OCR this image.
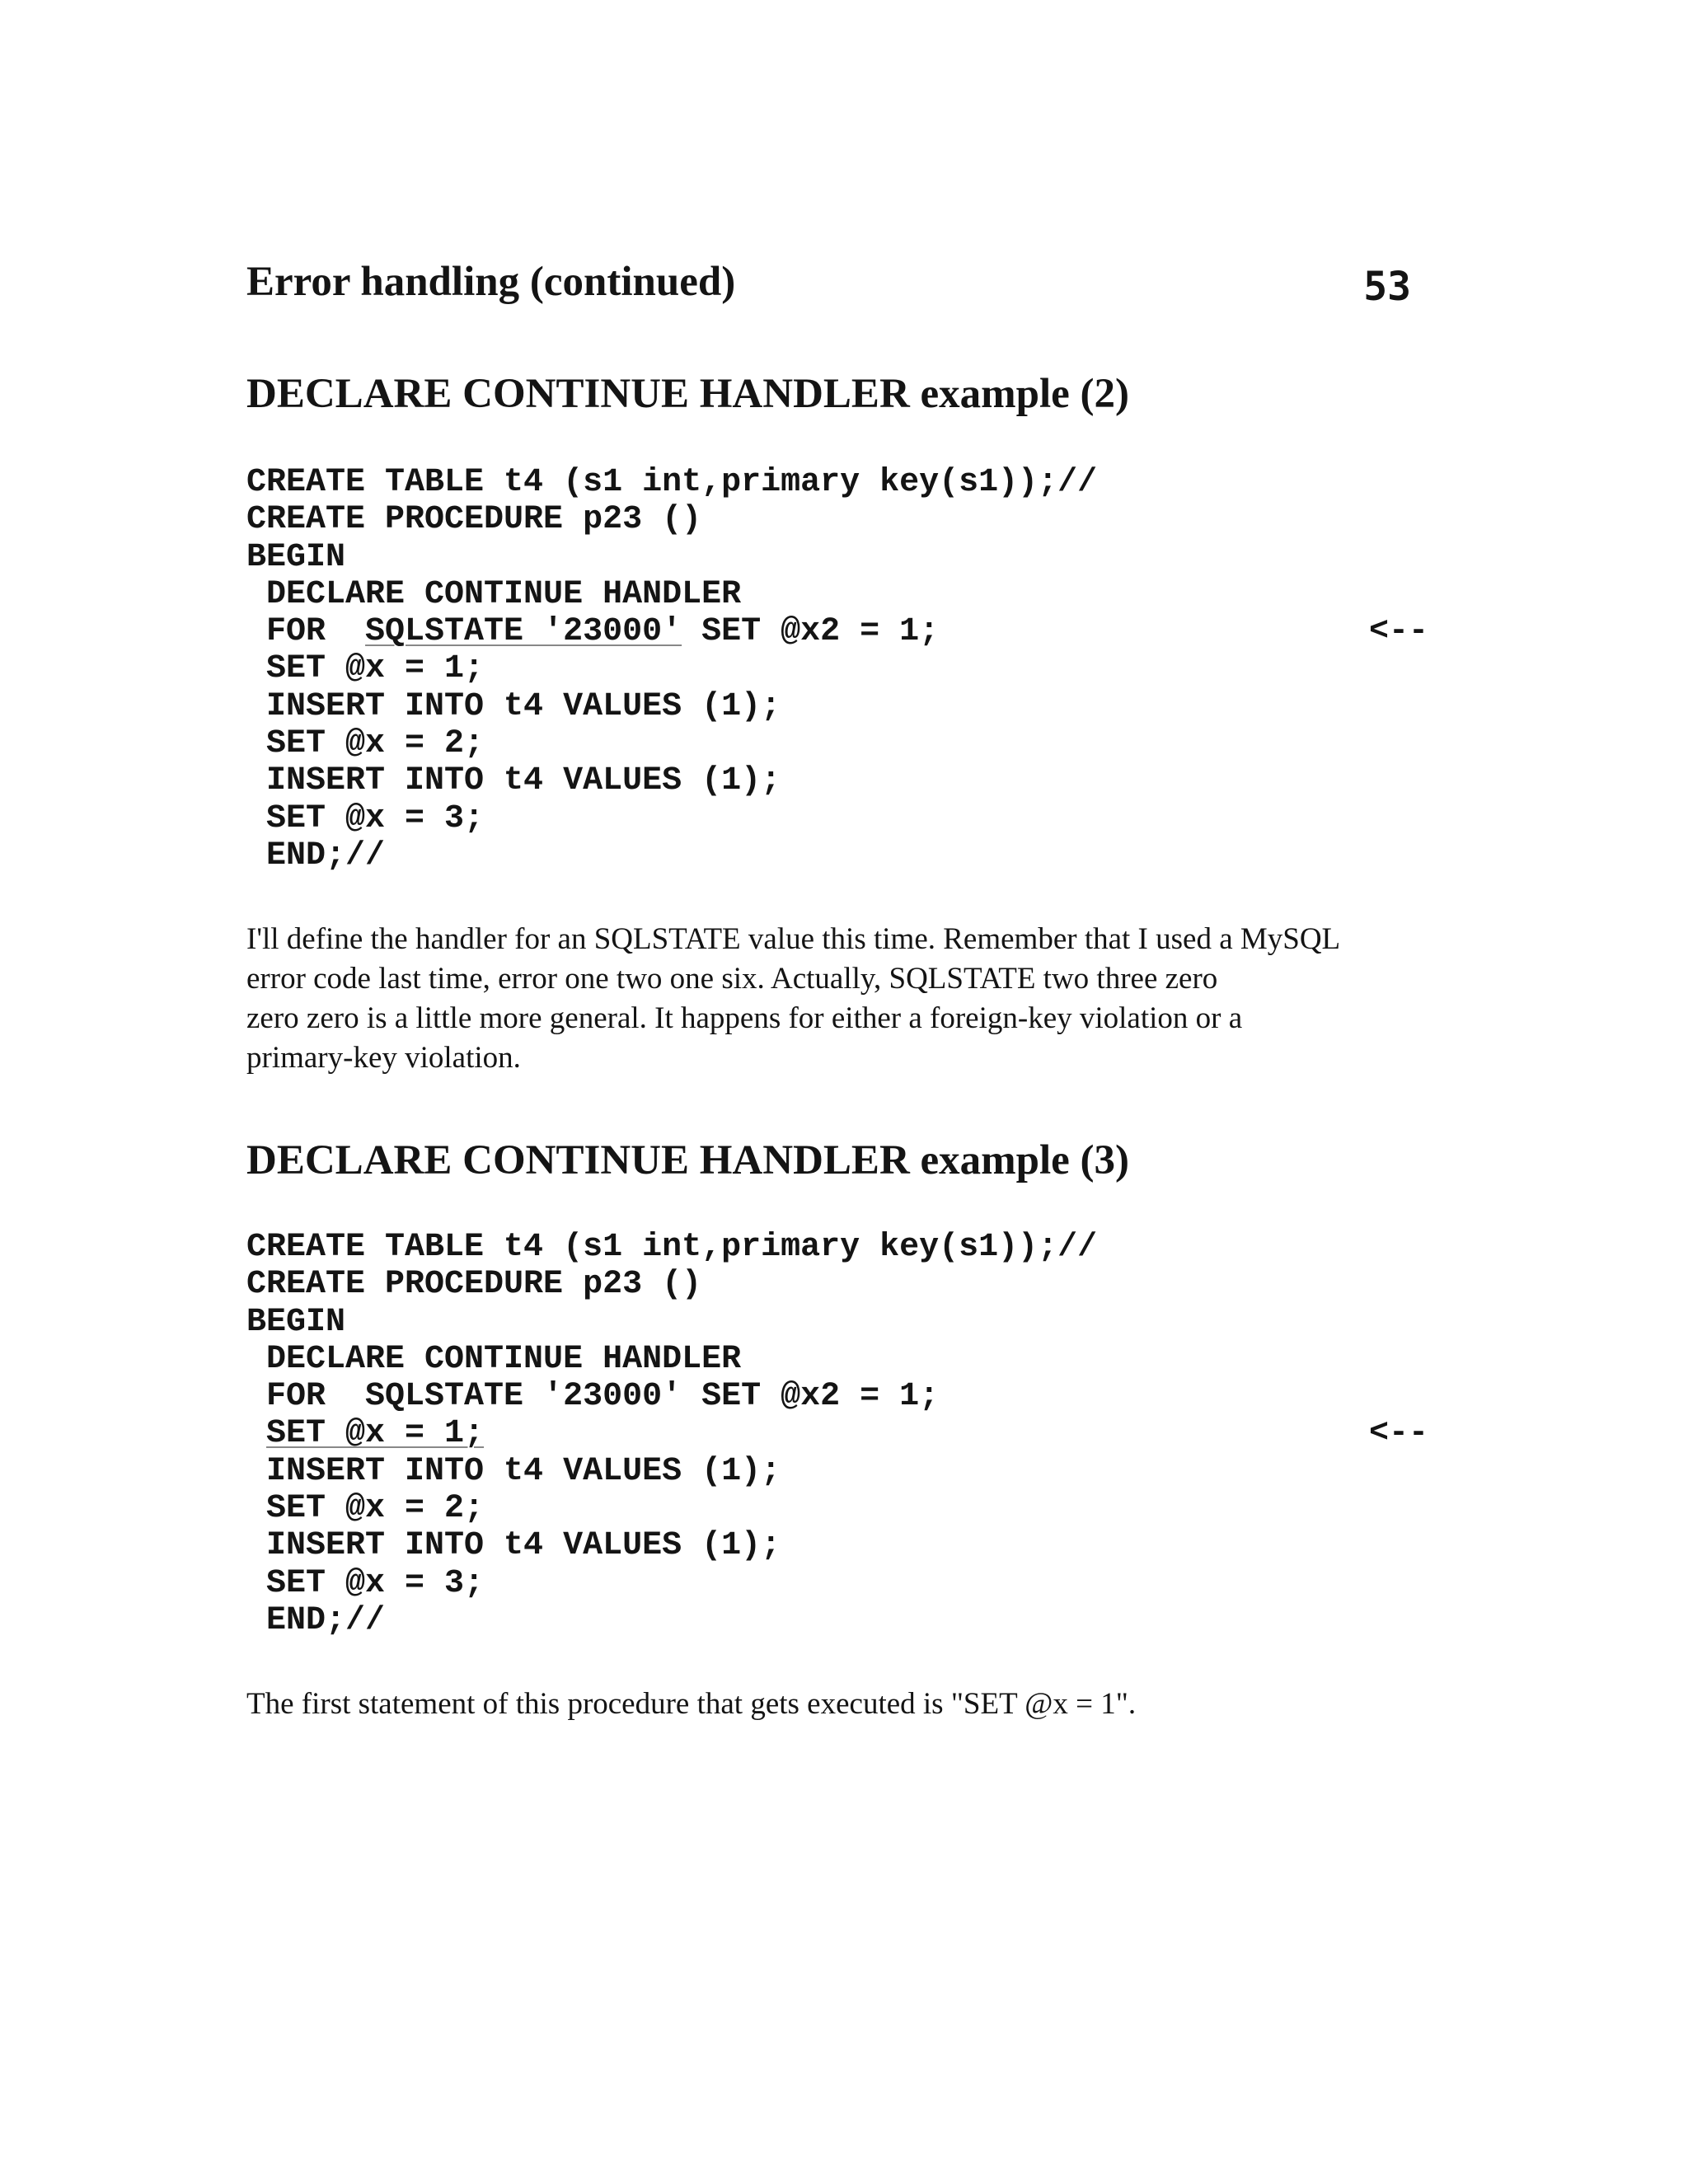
Error handling (continued)	53
DECLARE CONTINUE HANDLER example (2)
CREATE TABLE t4 (s1 int,primary key(s1));//
CREATE PROCEDURE p23 ()
BEGIN
DECLARE CONTINUE HANDLER
FOR  SQLSTATE '23000' SET @x2 = 1;	<--
SET @x = 1;
INSERT INTO t4 VALUES (1);
SET @x = 2;
INSERT INTO t4 VALUES (1);
SET @x = 3;
END;//

I'll define the handler for an SQLSTATE value this time. Remember that I used a MySQL
error code last time, error one two one six. Actually, SQLSTATE two three zero
zero zero is a little more general. It happens for either a foreign-key violation or a
primary-key violation.

DECLARE CONTINUE HANDLER example (3)
CREATE TABLE t4 (s1 int,primary key(s1));//
CREATE PROCEDURE p23 ()
BEGIN
DECLARE CONTINUE HANDLER
FOR  SQLSTATE '23000' SET @x2 = 1;
SET @x = 1;	<--
INSERT INTO t4 VALUES (1);
SET @x = 2;
INSERT INTO t4 VALUES (1);
SET @x = 3;
END;//

The first statement of this procedure that gets executed is "SET @x = 1".
